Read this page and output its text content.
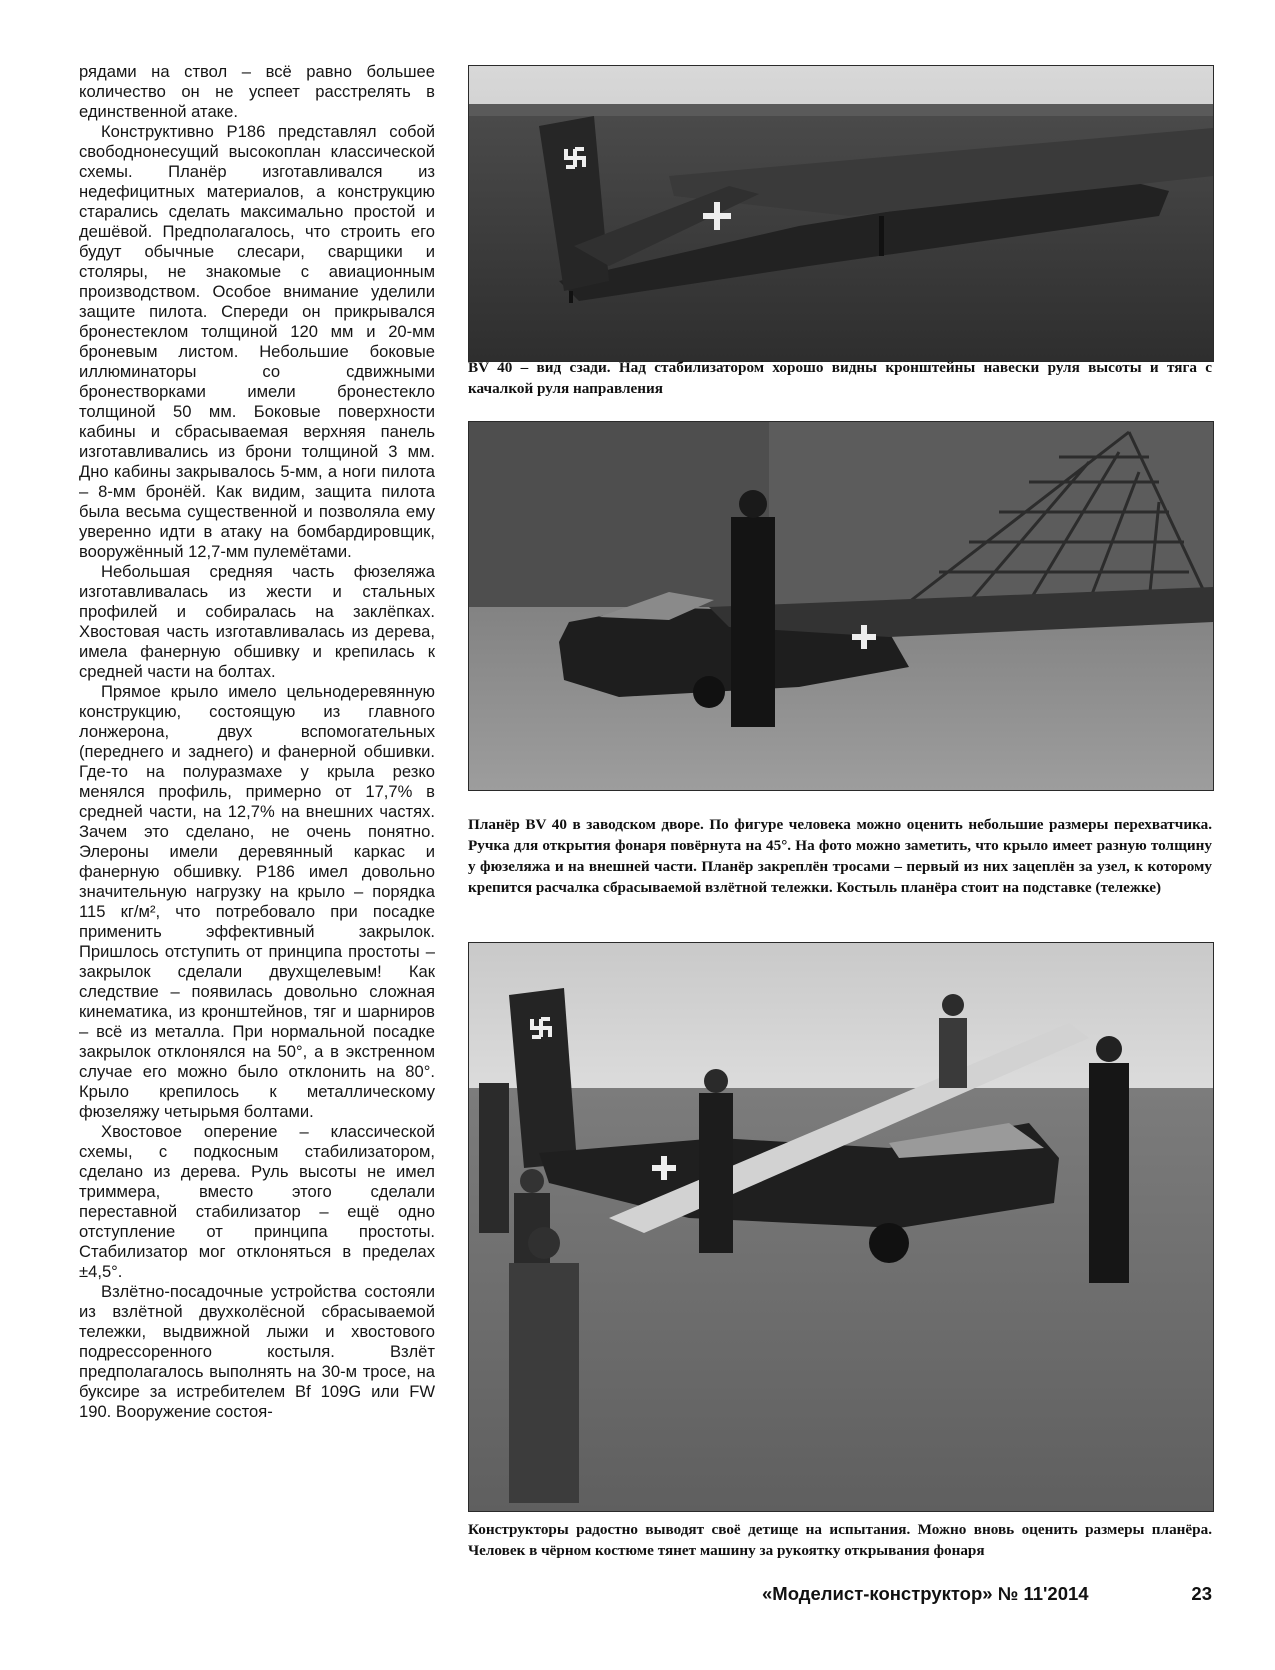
рядами на ствол – всё равно большее количество он не успеет расстрелять в единственной атаке.

Конструктивно Р186 представлял собой свободнонесущий высокоплан классической схемы. Планёр изготавливался из недефицитных материалов, а конструкцию старались сделать максимально простой и дешёвой. Предполагалось, что строить его будут обычные слесари, сварщики и столяры, не знакомые с авиационным производством. Особое внимание уделили защите пилота. Спереди он прикрывался бронестеклом толщиной 120 мм и 20-мм броневым листом. Небольшие боковые иллюминаторы со сдвижными бронестворками имели бронестекло толщиной 50 мм. Боковые поверхности кабины и сбрасываемая верхняя панель изготавливались из брони толщиной 3 мм. Дно кабины закрывалось 5-мм, а ноги пилота – 8-мм бронёй. Как видим, защита пилота была весьма существенной и позволяла ему уверенно идти в атаку на бомбардировщик, вооружённый 12,7-мм пулемётами.

Небольшая средняя часть фюзеляжа изготавливалась из жести и стальных профилей и собиралась на заклёпках. Хвостовая часть изготавливалась из дерева, имела фанерную обшивку и крепилась к средней части на болтах.

Прямое крыло имело цельнодеревянную конструкцию, состоящую из главного лонжерона, двух вспомогательных (переднего и заднего) и фанерной обшивки. Где-то на полуразмахе у крыла резко менялся профиль, примерно от 17,7% в средней части, на 12,7% на внешних частях. Зачем это сделано, не очень понятно. Элероны имели деревянный каркас и фанерную обшивку. Р186 имел довольно значительную нагрузку на крыло – порядка 115 кг/м², что потребовало при посадке применить эффективный закрылок. Пришлось отступить от принципа простоты – закрылок сделали двухщелевым! Как следствие – появилась довольно сложная кинематика, из кронштейнов, тяг и шарниров – всё из металла. При нормальной посадке закрылок отклонялся на 50°, а в экстренном случае его можно было отклонить на 80°. Крыло крепилось к металлическому фюзеляжу четырьмя болтами.

Хвостовое оперение – классической схемы, с подкосным стабилизатором, сделано из дерева. Руль высоты не имел триммера, вместо этого сделали переставной стабилизатор – ещё одно отступление от принципа простоты. Стабилизатор мог отклоняться в пределах ±4,5°.

Взлётно-посадочные устройства состояли из взлётной двухколёсной сбрасываемой тележки, выдвижной лыжи и хвостового подрессоренного костыля. Взлёт предполагалось выполнять на 30-м тросе, на буксире за истребителем Bf 109G или FW 190. Вооружение состоя-

BV 40 – вид сзади. Над стабилизатором хорошо видны кронштейны навески руля высоты и тяга с качалкой руля направления
Планёр BV 40 в заводском дворе. По фигуре человека можно оценить небольшие размеры перехватчика. Ручка для открытия фонаря повёрнута на 45°. На фото можно заметить, что крыло имеет разную толщину у фюзеляжа и на внешней части. Планёр закреплён тросами – первый из них зацеплён за узел, к которому крепится расчалка сбрасываемой взлётной тележки. Костыль планёра стоит на подставке (тележке)
Конструкторы радостно выводят своё детище на испытания. Можно вновь оценить размеры планёра. Человек в чёрном костюме тянет машину за рукоятку открывания фонаря
«Моделист-конструктор» № 11'2014	23
